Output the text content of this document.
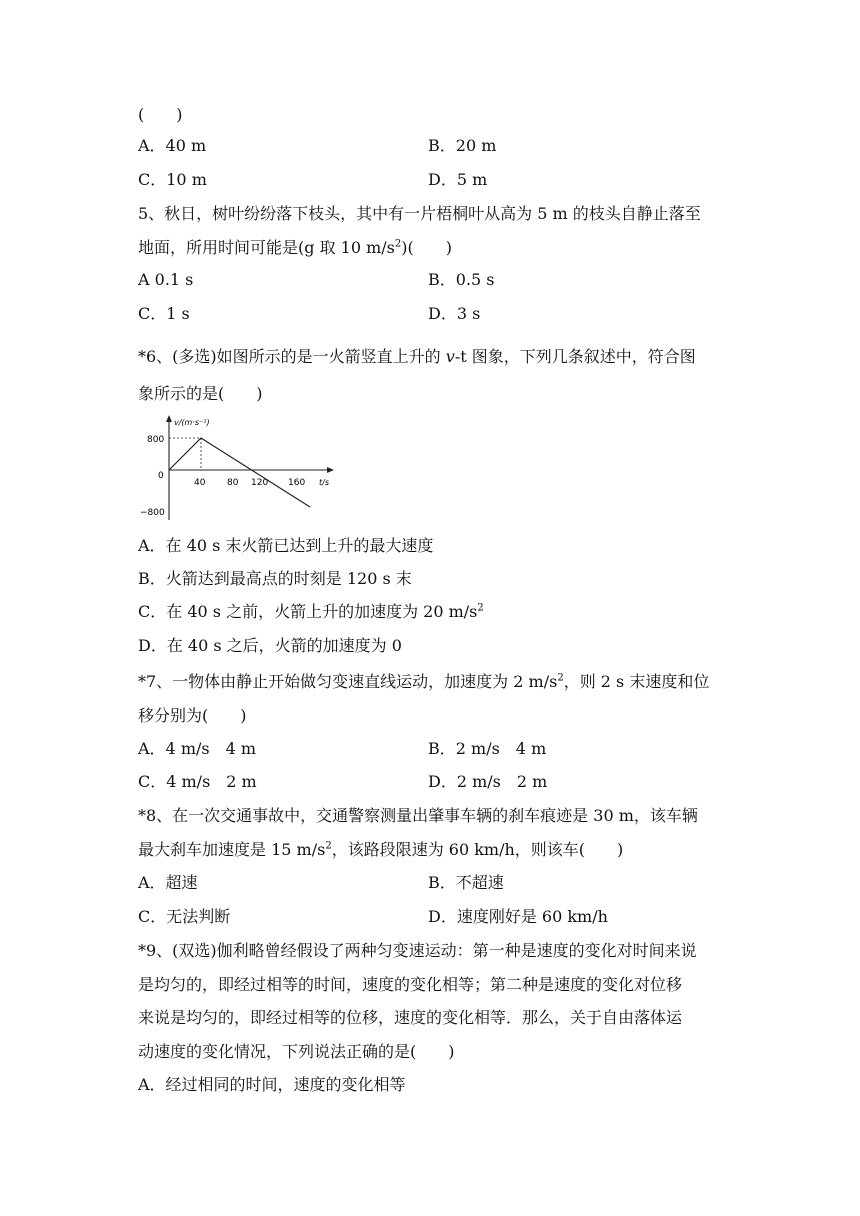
(　　)
A．40 m	B．20 m
C．10 m	D．5 m
5、秋日，树叶纷纷落下枝头，其中有一片梧桐叶从高为 5 m 的枝头自静止落至
地面，所用时间可能是(g 取 10 $m/s^2$)(　　)
A 0.1 s	B．0.5 s
C．1 s	D．3 s
*6、(多选)如图所示的是一火箭竖直上升的 v-t 图象，下列几条叙述中，符合图
象所示的是(　　)
v/(m·s⁻¹)
800
0
−800
40 80 120 160 t/s
A．在 40 s 末火箭已达到上升的最大速度
B．火箭达到最高点的时刻是 120 s 末
C．在 40 s 之前，火箭上升的加速度为 20 $m/s^2$
D．在 40 s 之后，火箭的加速度为 0
*7、一物体由静止开始做匀变速直线运动，加速度为 2 $m/s^2$，则 2 s 末速度和位
移分别为(　　)
A．4 m/s　4 m	B．2 m/s　4 m
C．4 m/s　2 m	D．2 m/s　2 m
*8、在一次交通事故中，交通警察测量出肇事车辆的刹车痕迹是 30 m，该车辆
最大刹车加速度是 15 $m/s^2$，该路段限速为 60 km/h，则该车(　　)
A．超速	B．不超速
C．无法判断	D．速度刚好是 60 km/h
*9、(双选)伽利略曾经假设了两种匀变速运动：第一种是速度的变化对时间来说
是均匀的，即经过相等的时间，速度的变化相等；第二种是速度的变化对位移
来说是均匀的，即经过相等的位移，速度的变化相等．那么，关于自由落体运
动速度的变化情况，下列说法正确的是(　　)
A．经过相同的时间，速度的变化相等
